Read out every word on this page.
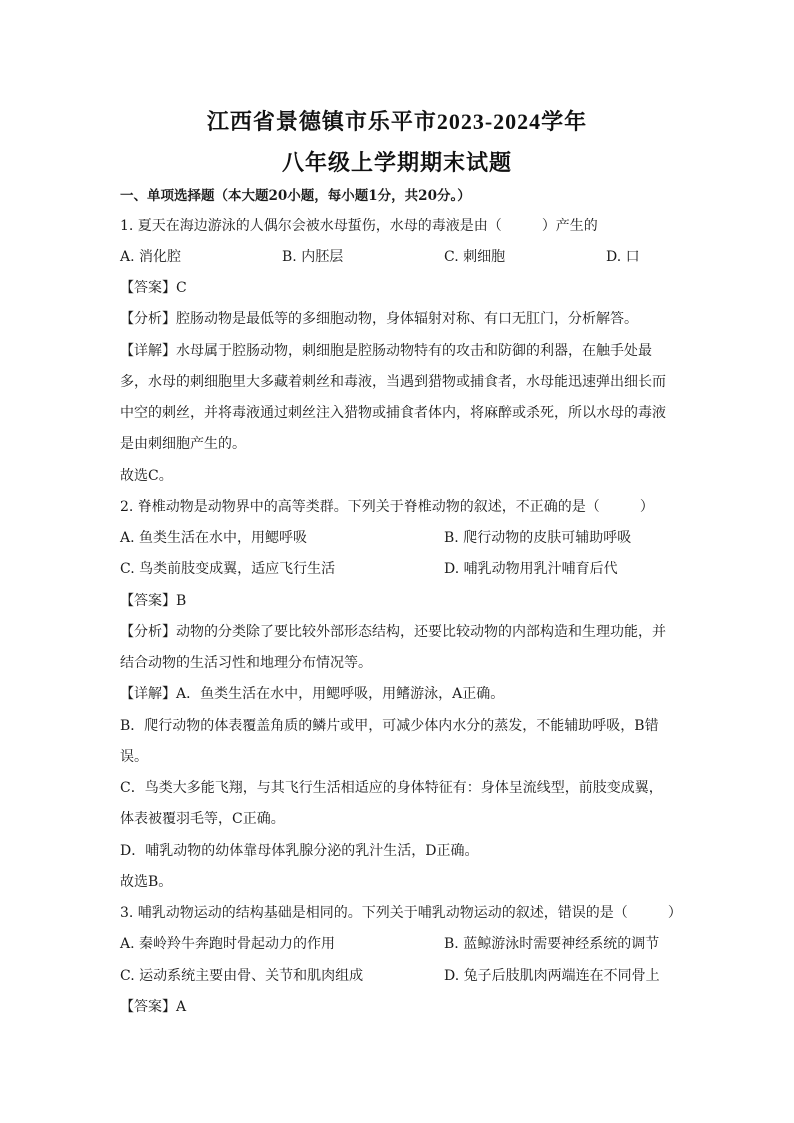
江西省景德镇市乐平市2023-2024学年
八年级上学期期末试题
一、单项选择题（本大题20小题，每小题1分，共20分。）
1. 夏天在海边游泳的人偶尔会被水母蜇伤，水母的毒液是由（	）产生的
A. 消化腔	B. 内胚层	C. 刺细胞	D. 口
【答案】C
【分析】腔肠动物是最低等的多细胞动物，身体辐射对称、有口无肛门，分析解答。
【详解】水母属于腔肠动物，刺细胞是腔肠动物特有的攻击和防御的利器，在触手处最
多，水母的刺细胞里大多藏着刺丝和毒液，当遇到猎物或捕食者，水母能迅速弹出细长而
中空的刺丝，并将毒液通过刺丝注入猎物或捕食者体内，将麻醉或杀死，所以水母的毒液
是由刺细胞产生的。
故选C。
2. 脊椎动物是动物界中的高等类群。下列关于脊椎动物的叙述，不正确的是（	）
A. 鱼类生活在水中，用鳃呼吸	B. 爬行动物的皮肤可辅助呼吸
C. 鸟类前肢变成翼，适应飞行生活	D. 哺乳动物用乳汁哺育后代
【答案】B
【分析】动物的分类除了要比较外部形态结构，还要比较动物的内部构造和生理功能，并
结合动物的生活习性和地理分布情况等。
【详解】A．鱼类生活在水中，用鳃呼吸，用鳍游泳，A正确。
B．爬行动物的体表覆盖角质的鳞片或甲，可减少体内水分的蒸发，不能辅助呼吸，B错
误。
C．鸟类大多能飞翔，与其飞行生活相适应的身体特征有：身体呈流线型，前肢变成翼，
体表被覆羽毛等，C正确。
D．哺乳动物的幼体靠母体乳腺分泌的乳汁生活，D正确。
故选B。
3. 哺乳动物运动的结构基础是相同的。下列关于哺乳动物运动的叙述，错误的是（	）
A. 秦岭羚牛奔跑时骨起动力的作用	B. 蓝鲸游泳时需要神经系统的调节
C. 运动系统主要由骨、关节和肌肉组成	D. 兔子后肢肌肉两端连在不同骨上
【答案】A
